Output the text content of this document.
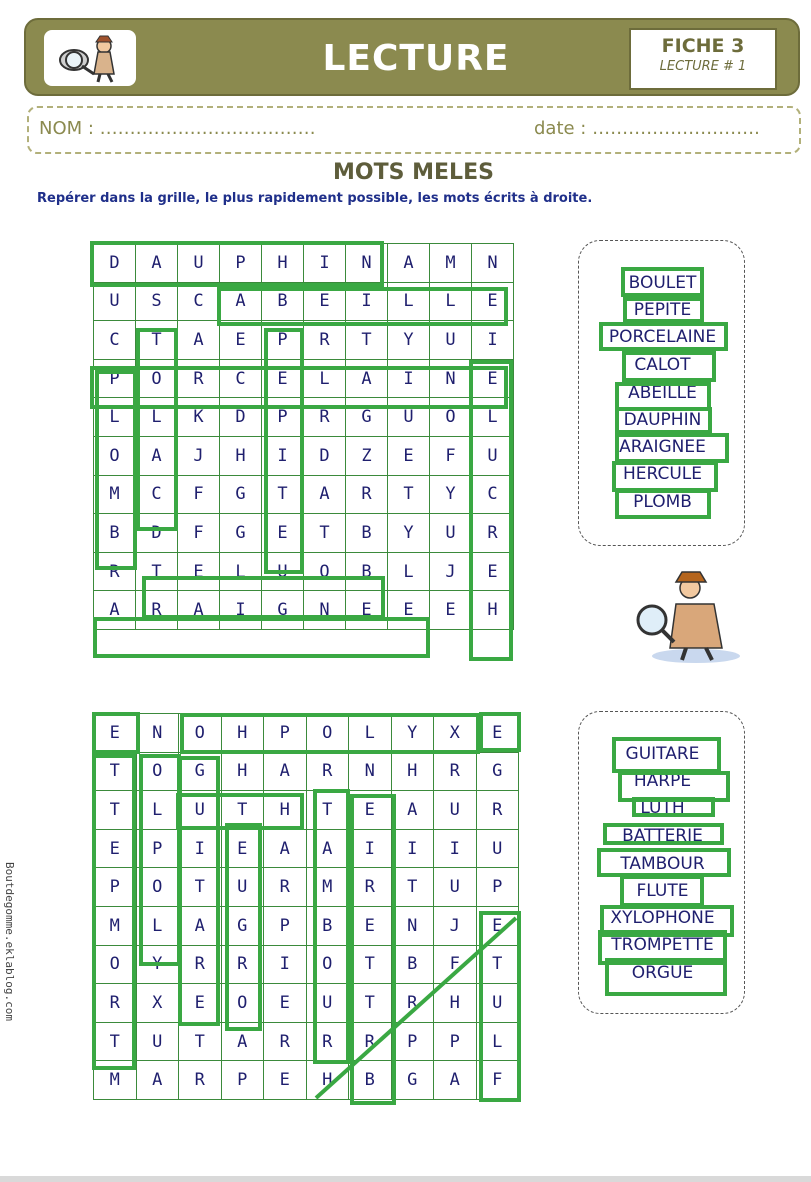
LECTURE	FICHE 3
LECTURE # 1
NOM : ………………………………	date : ……………………….
MOTS MELES
Repérer dans la grille, le plus rapidement possible, les mots écrits à droite.
D	A	U	P	H	I	N	A	M	N
U	S	C	A	B	E	I	L	L	E
C	T	A	E	P	R	T	Y	U	I
P	O	R	C	E	L	A	I	N	E
L	L	K	D	P	R	G	U	O	L
O	A	J	H	I	D	Z	E	F	U
M	C	F	G	T	A	R	T	Y	C
B	D	F	G	E	T	B	Y	U	R
R	T	E	L	U	O	B	L	J	E
A	R	A	I	G	N	E	E	E	H
BOULET
PEPITE
PORCELAINE
CALOT
ABEILLE
DAUPHIN
ARAIGNEE
HERCULE
PLOMB
E	N	O	H	P	O	L	Y	X	E
T	O	G	H	A	R	N	H	R	G
T	L	U	T	H	T	E	A	U	R
E	P	I	E	A	A	I	I	I	U
P	O	T	U	R	M	R	T	U	P
M	L	A	G	P	B	E	N	J	E
O	Y	R	R	I	O	T	B	F	T
R	X	E	O	E	U	T	R	H	U
T	U	T	A	R	R	R	P	P	L
M	A	R	P	E	H	B	G	A	F
GUITARE
HARPE
LUTH
BATTERIE
TAMBOUR
FLUTE
XYLOPHONE
TROMPETTE
ORGUE
Boutdegomme.eklablog.com
